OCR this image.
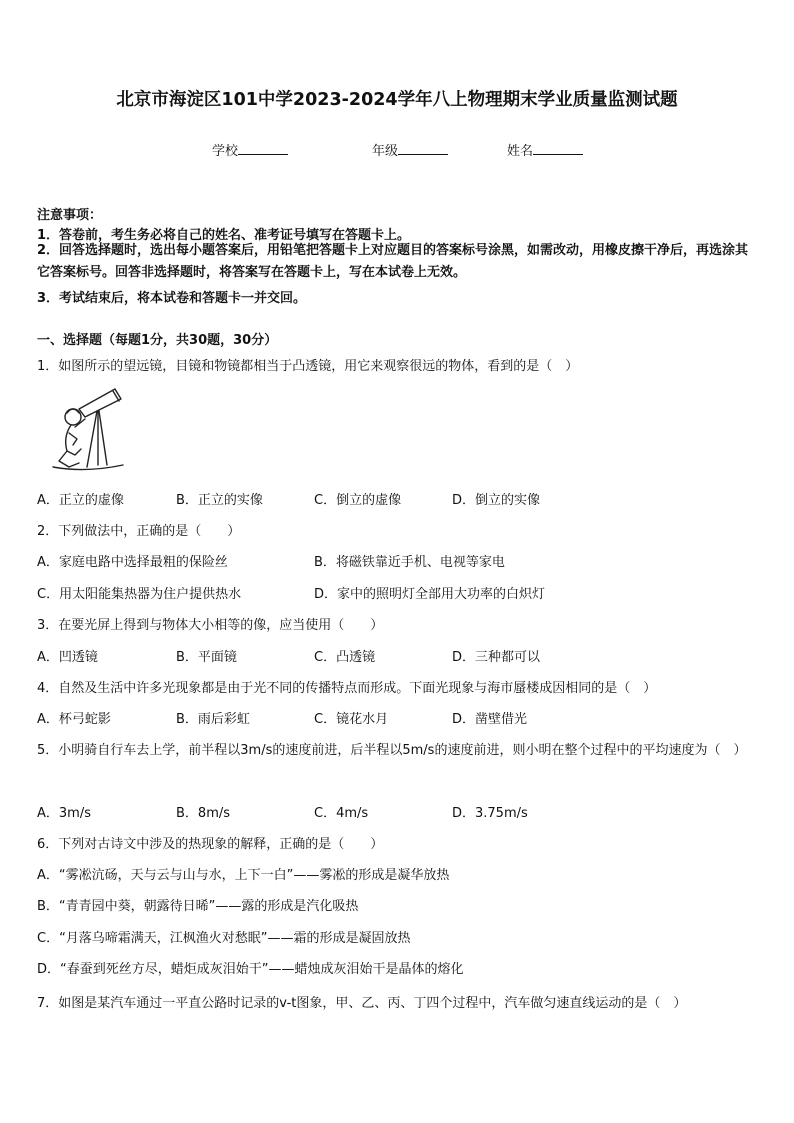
北京市海淀区101中学2023-2024学年八上物理期末学业质量监测试题
学校	年级	姓名
注意事项：
1．答卷前，考生务必将自己的姓名、准考证号填写在答题卡上。
2．回答选择题时，选出每小题答案后，用铅笔把答题卡上对应题目的答案标号涂黑，如需改动，用橡皮擦干净后，再选涂其它答案标号。回答非选择题时，将答案写在答题卡上，写在本试卷上无效。
3．考试结束后，将本试卷和答题卡一并交回。
一、选择题（每题1分，共30题，30分）
1．如图所示的望远镜，目镜和物镜都相当于凸透镜，用它来观察很远的物体，看到的是（　）
A．正立的虚像	B．正立的实像	C．倒立的虚像	D．倒立的实像
2．下列做法中，正确的是（　　）
A．家庭电路中选择最粗的保险丝	B．将磁铁靠近手机、电视等家电
C．用太阳能集热器为住户提供热水	D．家中的照明灯全部用大功率的白炽灯
3．在要光屏上得到与物体大小相等的像，应当使用（　　）
A．凹透镜	B．平面镜	C．凸透镜	D．三种都可以
4．自然及生活中许多光现象都是由于光不同的传播特点而形成。下面光现象与海市蜃楼成因相同的是（　）
A．杯弓蛇影	B．雨后彩虹	C．镜花水月	D．凿壁借光
5．小明骑自行车去上学，前半程以3m/s的速度前进，后半程以5m/s的速度前进，则小明在整个过程中的平均速度为（　）
A．3m/s	B．8m/s	C．4m/s	D．3.75m/s
6．下列对古诗文中涉及的热现象的解释，正确的是（　　）
A．“雾凇沆砀，天与云与山与水，上下一白”——雾凇的形成是凝华放热
B．“青青园中葵，朝露待日晞”——露的形成是汽化吸热
C．“月落乌啼霜满天，江枫渔火对愁眠”——霜的形成是凝固放热
D．“春蚕到死丝方尽，蜡炬成灰泪始干”——蜡烛成灰泪始干是晶体的熔化
7．如图是某汽车通过一平直公路时记录的v-t图象，甲、乙、丙、丁四个过程中，汽车做匀速直线运动的是（　）
